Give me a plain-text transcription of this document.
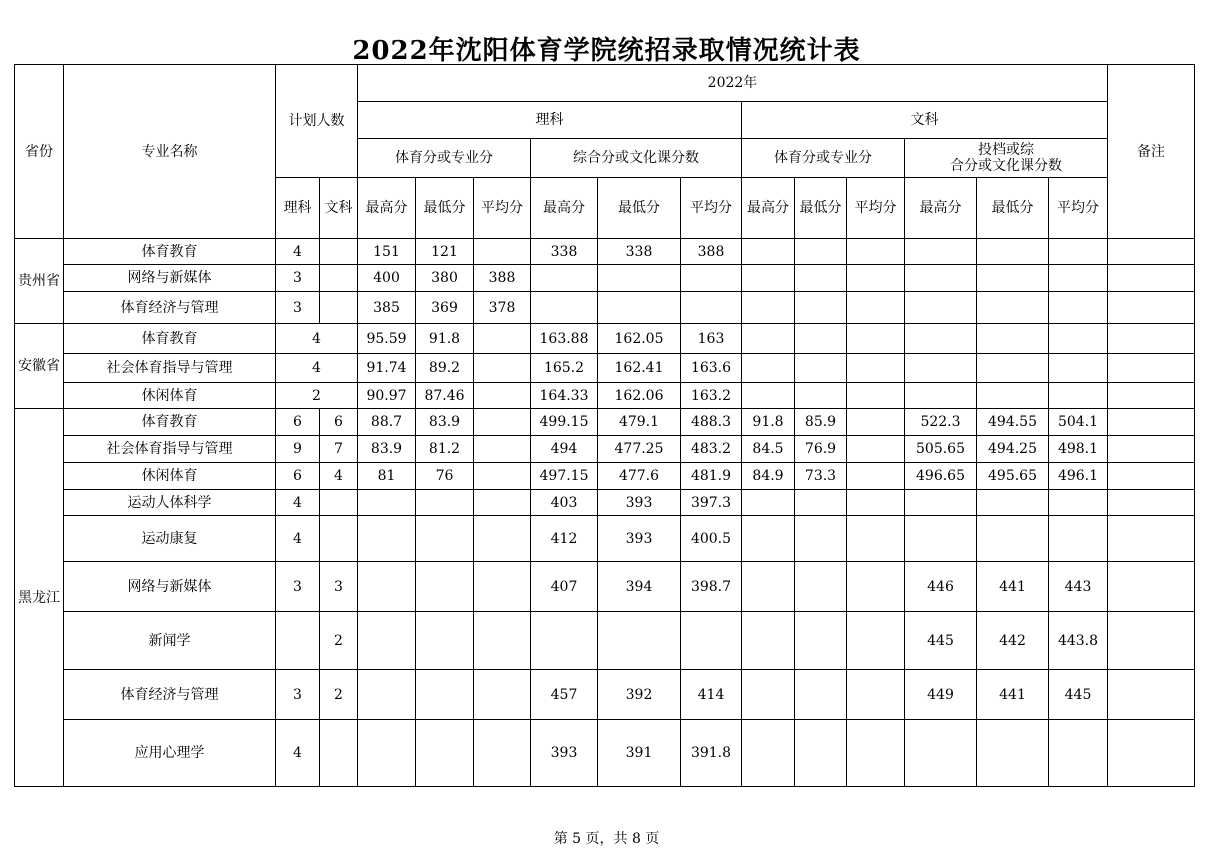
2022年沈阳体育学院统招录取情况统计表
省份	专业名称	计划人数		2022年												备注
				理科						文科						
				体育分或专业分			综合分或文化课分数			体育分或专业分			投档或综
合分或文化课分数			

		理科	文科	最高分	最低分	平均分	最高分	最低分	平均分	最高分	最低分	平均分	最高分	最低分	平均分	
贵州省	体育教育	4		151	121		338	338	388							
	网络与新媒体	3		400	380	388										
	体育经济与管理	3		385	369	378										
安徽省	体育教育	4		95.59	91.8		163.88	162.05	163							
	社会体育指导与管理	4		91.74	89.2		165.2	162.41	163.6							
	休闲体育	2		90.97	87.46		164.33	162.06	163.2							
黑龙江	体育教育	6	6	88.7	83.9		499.15	479.1	488.3	91.8	85.9		522.3	494.55	504.1	
	社会体育指导与管理	9	7	83.9	81.2		494	477.25	483.2	84.5	76.9		505.65	494.25	498.1	
	休闲体育	6	4	81	76		497.15	477.6	481.9	84.9	73.3		496.65	495.65	496.1	
	运动人体科学	4					403	393	397.3							
	运动康复	4					412	393	400.5							
	网络与新媒体	3	3				407	394	398.7				446	441	443	
	新闻学		2										445	442	443.8	
	体育经济与管理	3	2				457	392	414				449	441	445	
	应用心理学	4					393	391	391.8							
第 5 页，共 8 页
